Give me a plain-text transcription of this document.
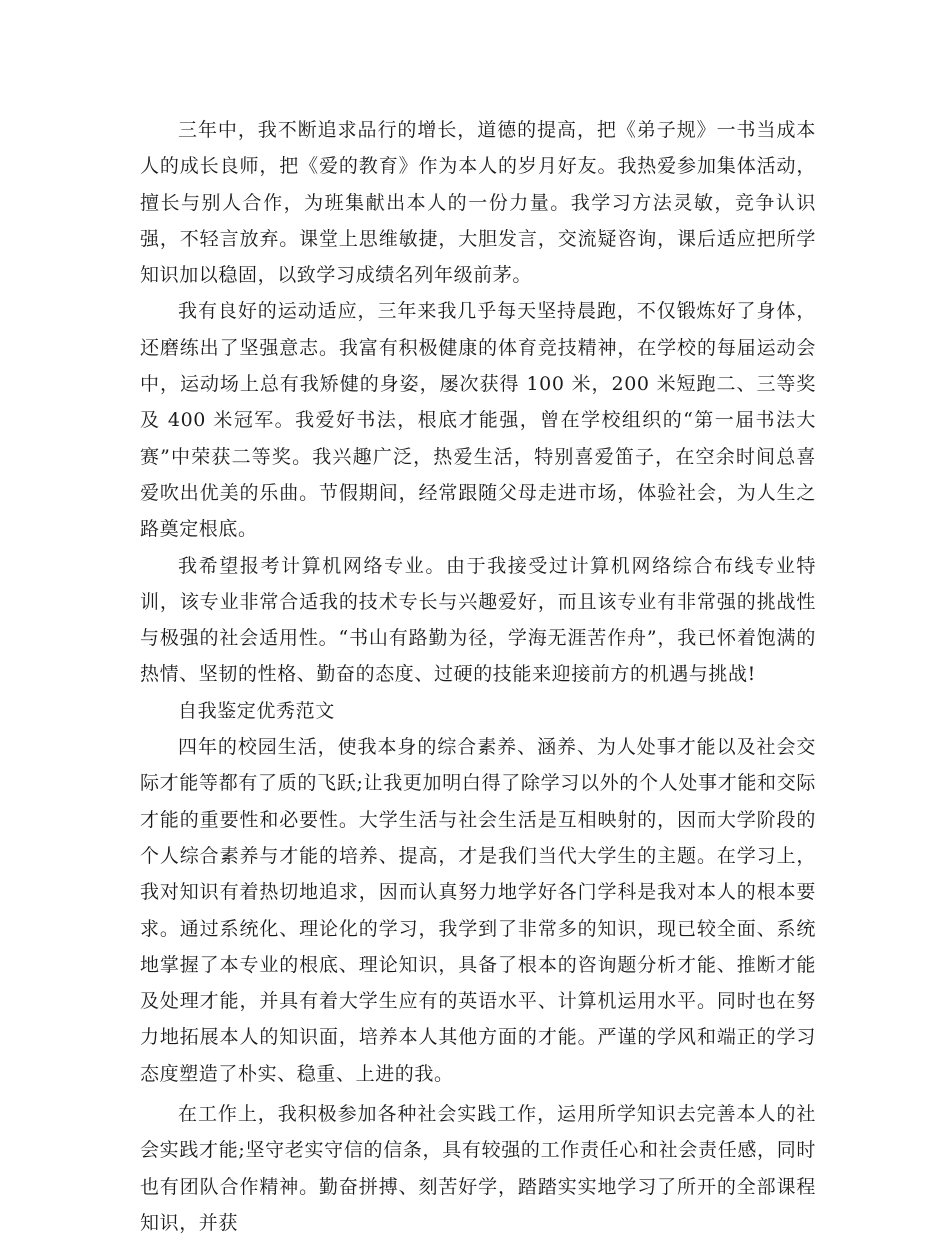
三年中，我不断追求品行的增长，道德的提高，把《弟子规》一书当成本人的成长良师，把《爱的教育》作为本人的岁月好友。我热爱参加集体活动，擅长与别人合作，为班集献出本人的一份力量。我学习方法灵敏，竞争认识强，不轻言放弃。课堂上思维敏捷，大胆发言，交流疑咨询，课后适应把所学知识加以稳固，以致学习成绩名列年级前茅。

我有良好的运动适应，三年来我几乎每天坚持晨跑，不仅锻炼好了身体，还磨练出了坚强意志。我富有积极健康的体育竞技精神，在学校的每届运动会中，运动场上总有我矫健的身姿，屡次获得 100 米，200 米短跑二、三等奖及 400 米冠军。我爱好书法，根底才能强，曾在学校组织的“第一届书法大赛”中荣获二等奖。我兴趣广泛，热爱生活，特别喜爱笛子，在空余时间总喜爱吹出优美的乐曲。节假期间，经常跟随父母走进市场，体验社会，为人生之路奠定根底。

我希望报考计算机网络专业。由于我接受过计算机网络综合布线专业特训，该专业非常合适我的技术专长与兴趣爱好，而且该专业有非常强的挑战性与极强的社会适用性。“书山有路勤为径，学海无涯苦作舟”，我已怀着饱满的热情、坚韧的性格、勤奋的态度、过硬的技能来迎接前方的机遇与挑战!

自我鉴定优秀范文

四年的校园生活，使我本身的综合素养、涵养、为人处事才能以及社会交际才能等都有了质的飞跃;让我更加明白得了除学习以外的个人处事才能和交际才能的重要性和必要性。大学生活与社会生活是互相映射的，因而大学阶段的个人综合素养与才能的培养、提高，才是我们当代大学生的主题。在学习上，我对知识有着热切地追求，因而认真努力地学好各门学科是我对本人的根本要求。通过系统化、理论化的学习，我学到了非常多的知识，现已较全面、系统地掌握了本专业的根底、理论知识，具备了根本的咨询题分析才能、推断才能及处理才能，并具有着大学生应有的英语水平、计算机运用水平。同时也在努力地拓展本人的知识面，培养本人其他方面的才能。严谨的学风和端正的学习态度塑造了朴实、稳重、上进的我。

在工作上，我积极参加各种社会实践工作，运用所学知识去完善本人的社会实践才能;坚守老实守信的信条，具有较强的工作责任心和社会责任感，同时也有团队合作精神。勤奋拼搏、刻苦好学，踏踏实实地学习了所开的全部课程知识，并获
